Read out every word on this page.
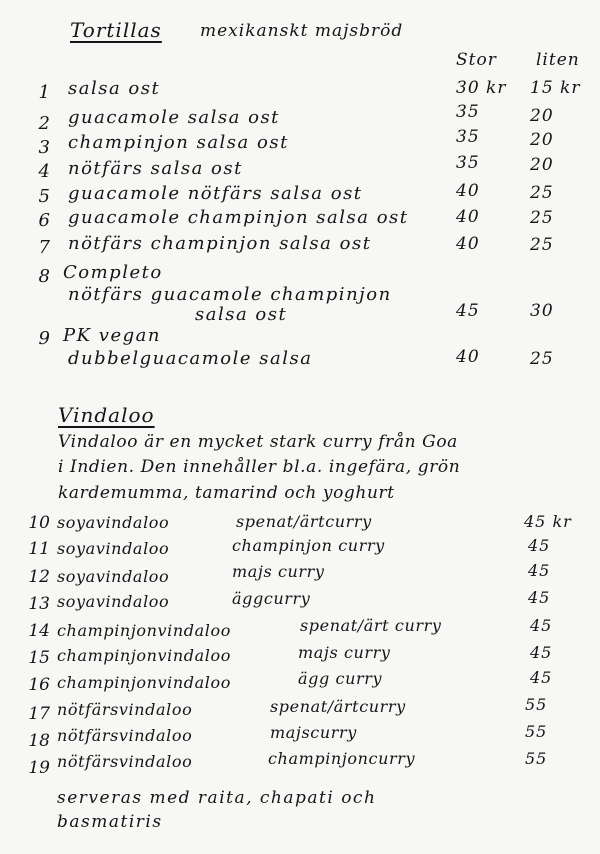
Tortillas mexikanskt majsbröd
Stor liten
1 salsa ost	30 kr 15 kr
2 guacamole salsa ost	35	20
3 champinjon salsa ost	35	20
4 nötfärs salsa ost	35	20
5 guacamole nötfärs salsa ost	40	25
6 guacamole champinjon salsa ost	40	25
7 nötfärs champinjon salsa ost	40	25
8 Completo
nötfärs guacamole champinjon
salsa ost	45	30
9 PK vegan
dubbelguacamole salsa	40	25
Vindaloo
Vindaloo är en mycket stark curry från Goa
i Indien. Den innehåller bl.a. ingefära, grön
kardemumma, tamarind och yoghurt
10 soyavindaloo	spenat/ärtcurry	45 kr
11 soyavindaloo	champinjon curry	45
12 soyavindaloo	majs curry	45
13 soyavindaloo	äggcurry	45
14 champinjonvindaloo	spenat/ärt curry	45
15 champinjonvindaloo	majs curry	45
16 champinjonvindaloo	ägg curry	45
17 nötfärsvindaloo	spenat/ärtcurry	55
18 nötfärsvindaloo	majscurry	55
19 nötfärsvindaloo	champinjoncurry	55
serveras med raita, chapati och
basmatiris
